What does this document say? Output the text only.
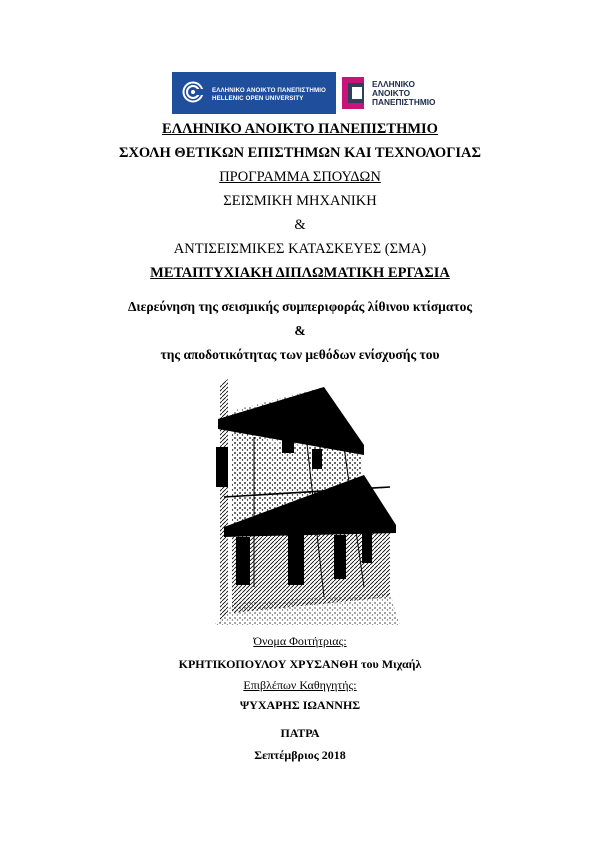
ΕΛΛΗΝΙΚΟ ΑΝΟΙΚΤΟ ΠΑΝΕΠΙΣΤΗΜΙΟ
HELLENIC OPEN UNIVERSITY
ΕΛΛΗΝΙΚΟ
ΑΝΟΙΚΤΟ
ΠΑΝΕΠΙΣΤΗΜΙΟ
ΕΛΛΗΝΙΚΟ ΑΝΟΙΚΤΟ ΠΑΝΕΠΙΣΤΗΜΙΟ
ΣΧΟΛΗ ΘΕΤΙΚΩΝ ΕΠΙΣΤΗΜΩΝ ΚΑΙ ΤΕΧΝΟΛΟΓΙΑΣ
ΠΡΟΓΡΑΜΜΑ ΣΠΟΥΔΩΝ
ΣΕΙΣΜΙΚΗ ΜΗΧΑΝΙΚΗ
&
ΑΝΤΙΣΕΙΣΜΙΚΕΣ ΚΑΤΑΣΚΕΥΕΣ (ΣΜΑ)
ΜΕΤΑΠΤΥΧΙΑΚΗ ΔΙΠΛΩΜΑΤΙΚΗ ΕΡΓΑΣΙΑ
Διερεύνηση της σεισμικής συμπεριφοράς λίθινου κτίσματος
&
της αποδοτικότητας των μεθόδων ενίσχυσής του
Όνομα Φοιτήτριας:
ΚΡΗΤΙΚΟΠΟΥΛΟΥ ΧΡΥΣΑΝΘΗ του Μιχαήλ
Επιβλέπων Καθηγητής:
ΨΥΧΑΡΗΣ ΙΩΑΝΝΗΣ
ΠΑΤΡΑ
Σεπτέμβριος 2018
